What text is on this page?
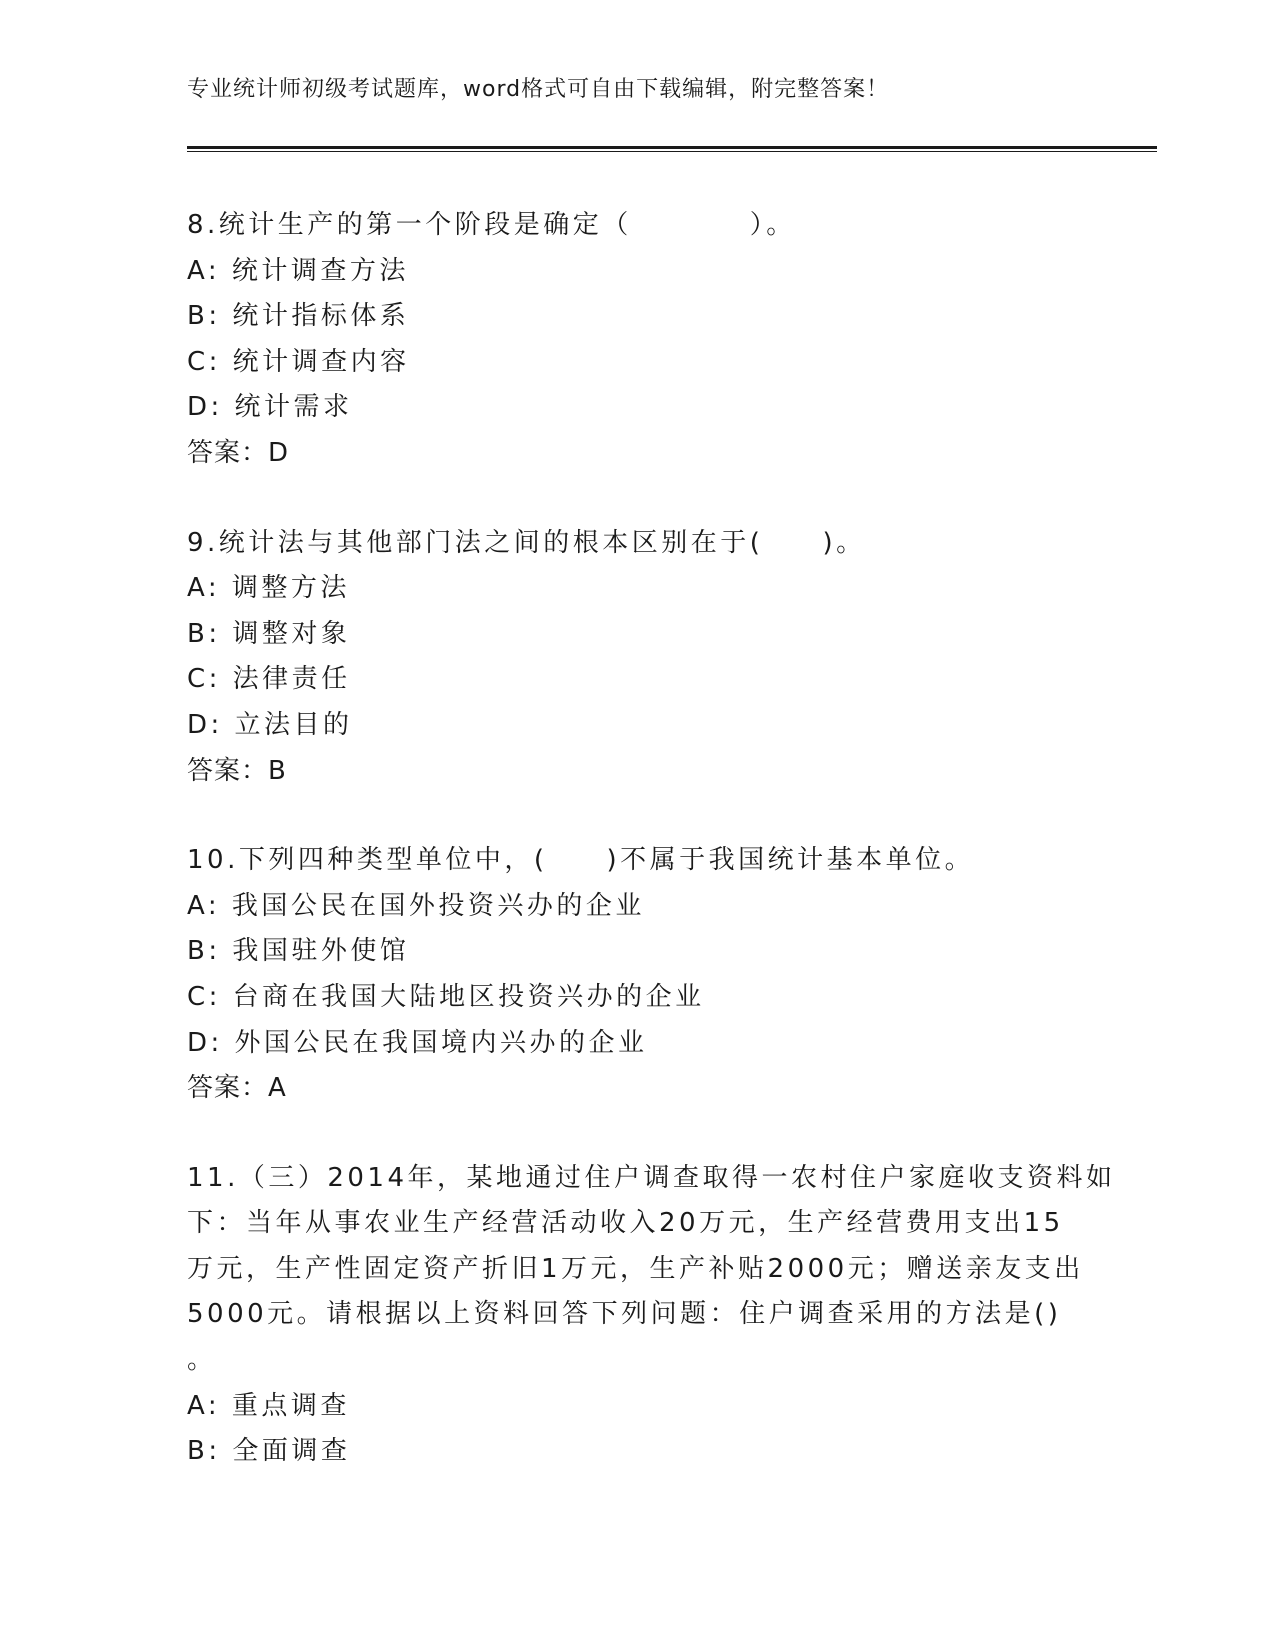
专业统计师初级考试题库，word格式可自由下载编辑，附完整答案！
8.统计生产的第一个阶段是确定（　　　　）。
A: 统计调查方法
B: 统计指标体系
C: 统计调查内容
D: 统计需求
答案：D
9.统计法与其他部门法之间的根本区别在于(　　)。
A: 调整方法
B: 调整对象
C: 法律责任
D: 立法目的
答案：B
10.下列四种类型单位中，(　　)不属于我国统计基本单位。
A: 我国公民在国外投资兴办的企业
B: 我国驻外使馆
C: 台商在我国大陆地区投资兴办的企业
D: 外国公民在我国境内兴办的企业
答案：A
11.（三）2014年，某地通过住户调查取得一农村住户家庭收支资料如
下：当年从事农业生产经营活动收入20万元，生产经营费用支出15
万元，生产性固定资产折旧1万元，生产补贴2000元；赠送亲友支出
5000元。请根据以上资料回答下列问题：住户调查采用的方法是()
。
A: 重点调查
B: 全面调查
